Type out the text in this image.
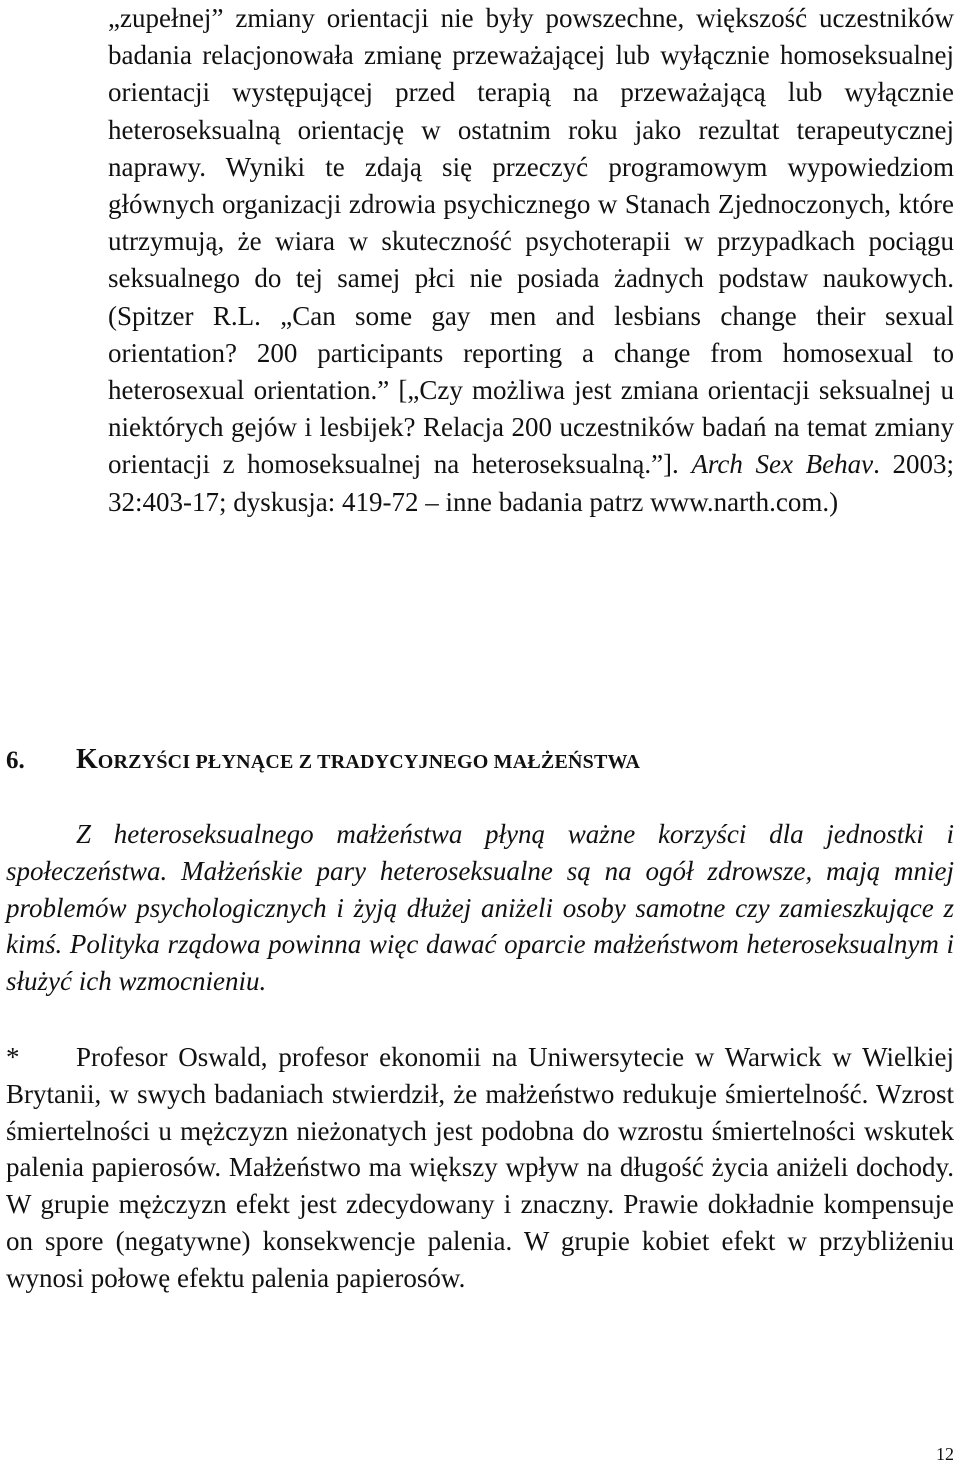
„zupełnej” zmiany orientacji nie były powszechne, większość uczestników badania relacjonowała zmianę przeważającej lub wyłącznie homoseksualnej orientacji występującej przed terapią na przeważającą lub wyłącznie heteroseksualną orientację w ostatnim roku jako rezultat terapeutycznej naprawy. Wyniki te zdają się przeczyć programowym wypowiedziom głównych organizacji zdrowia psychicznego w Stanach Zjednoczonych, które utrzymują, że wiara w skuteczność psychoterapii w przypadkach pociągu seksualnego do tej samej płci nie posiada żadnych podstaw naukowych. (Spitzer R.L. „Can some gay men and lesbians change their sexual orientation? 200 participants reporting a change from homosexual to heterosexual orientation.” [„Czy możliwa jest zmiana orientacji seksualnej u niektórych gejów i lesbijek? Relacja 200 uczestników badań na temat zmiany orientacji z homoseksualnej na heteroseksualną.”]. Arch Sex Behav. 2003; 32:403-17; dyskusja: 419-72 – inne badania patrz www.narth.com.)

6. KORZYŚCI PŁYNĄCE Z TRADYCYJNEGO MAŁŻEŃSTWA

Z heteroseksualnego małżeństwa płyną ważne korzyści dla jednostki i społeczeństwa. Małżeńskie pary heteroseksualne są na ogół zdrowsze, mają mniej problemów psychologicznych i żyją dłużej aniżeli osoby samotne czy zamieszkujące z kimś. Polityka rządowa powinna więc dawać oparcie małżeństwom heteroseksualnym i służyć ich wzmocnieniu.

* Profesor Oswald, profesor ekonomii na Uniwersytecie w Warwick w Wielkiej Brytanii, w swych badaniach stwierdził, że małżeństwo redukuje śmiertelność. Wzrost śmiertelności u mężczyzn nieżonatych jest podobna do wzrostu śmiertelności wskutek palenia papierosów. Małżeństwo ma większy wpływ na długość życia aniżeli dochody. W grupie mężczyzn efekt jest zdecydowany i znaczny. Prawie dokładnie kompensuje on spore (negatywne) konsekwencje palenia. W grupie kobiet efekt w przybliżeniu wynosi połowę efektu palenia papierosów.

12
